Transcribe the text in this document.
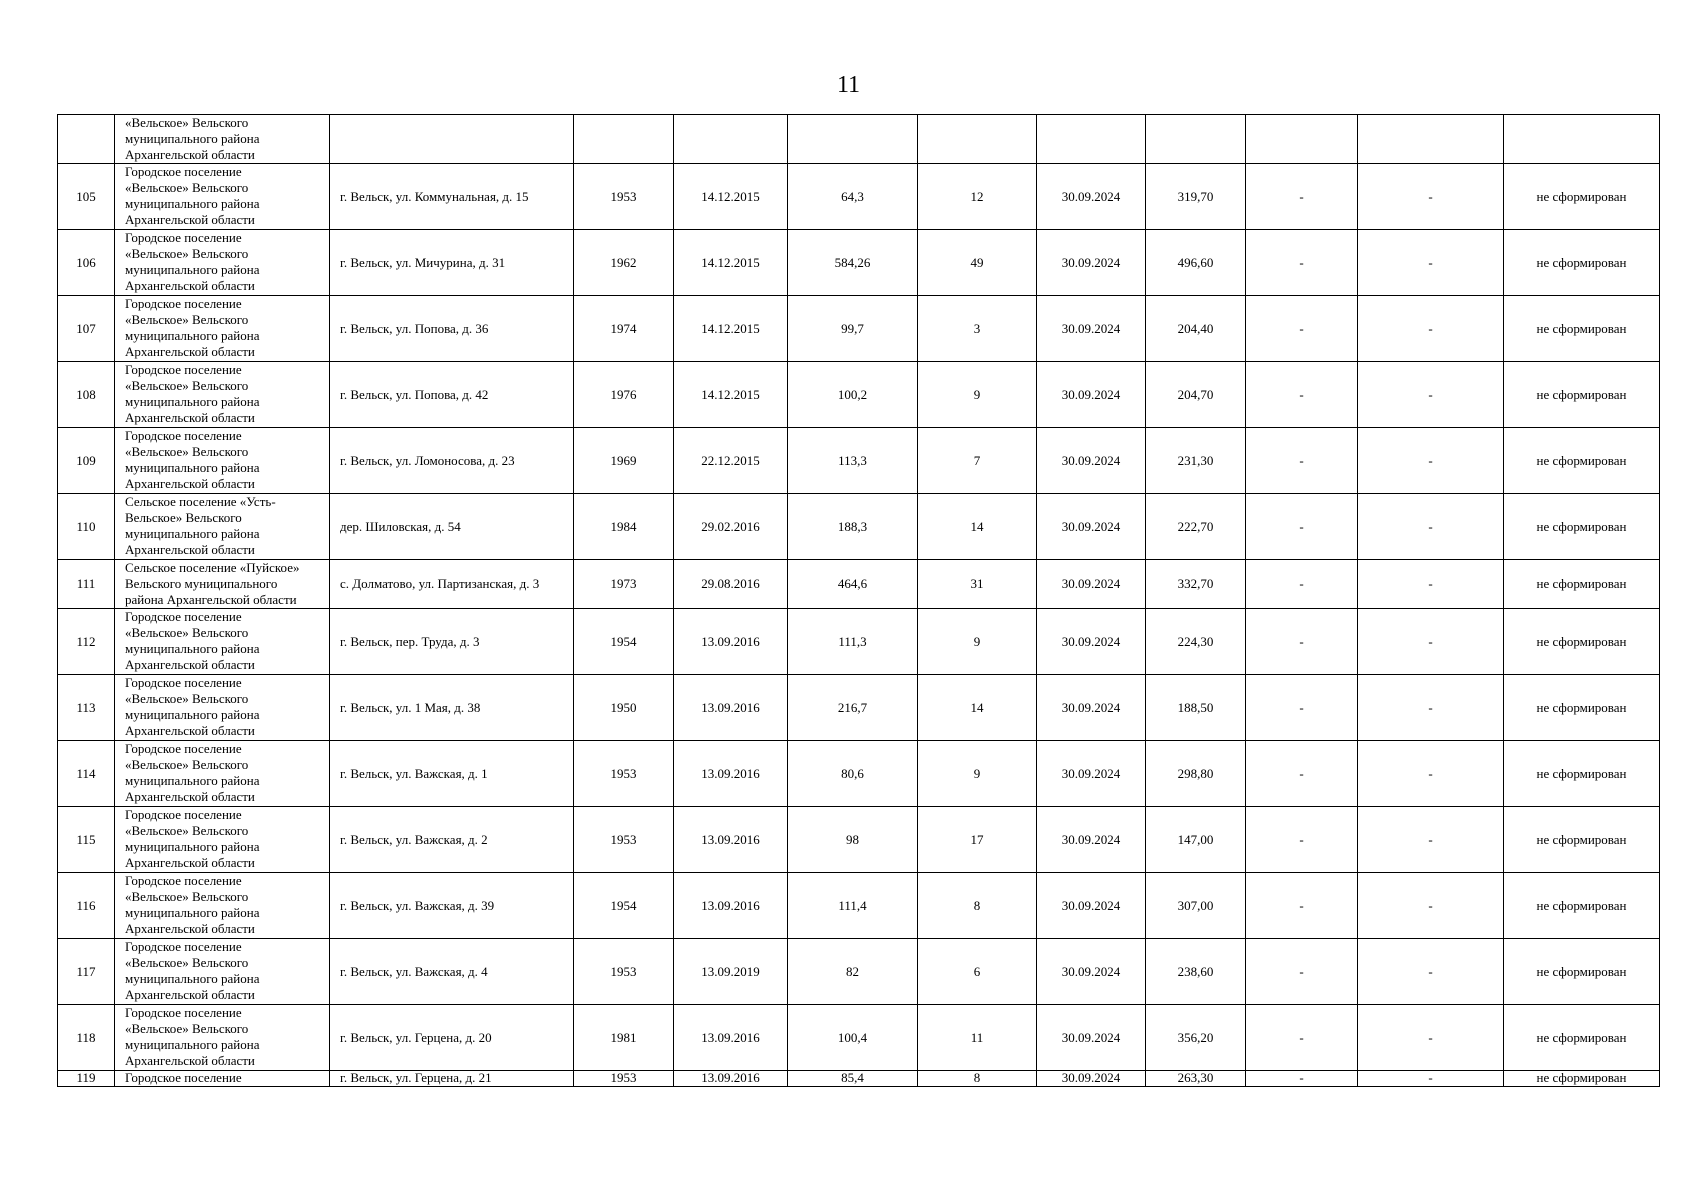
11

	«Вельское» Вельского
муниципального района
Архангельской области										

105	Городское поселение
«Вельское» Вельского
муниципального района
Архангельской области	г. Вельск, ул. Коммунальная, д. 15	1953	14.12.2015	64,3	12	30.09.2024	319,70	-	-	не сформирован
106	Городское поселение
«Вельское» Вельского
муниципального района
Архангельской области	г. Вельск, ул. Мичурина, д. 31	1962	14.12.2015	584,26	49	30.09.2024	496,60	-	-	не сформирован
107	Городское поселение
«Вельское» Вельского
муниципального района
Архангельской области	г. Вельск, ул. Попова, д. 36	1974	14.12.2015	99,7	3	30.09.2024	204,40	-	-	не сформирован
108	Городское поселение
«Вельское» Вельского
муниципального района
Архангельской области	г. Вельск, ул. Попова, д. 42	1976	14.12.2015	100,2	9	30.09.2024	204,70	-	-	не сформирован
109	Городское поселение
«Вельское» Вельского
муниципального района
Архангельской области	г. Вельск, ул. Ломоносова, д. 23	1969	22.12.2015	113,3	7	30.09.2024	231,30	-	-	не сформирован
110	Сельское поселение «Усть-
Вельское» Вельского
муниципального района
Архангельской области	дер. Шиловская, д. 54	1984	29.02.2016	188,3	14	30.09.2024	222,70	-	-	не сформирован
111	Сельское поселение «Пуйское»
Вельского муниципального
района Архангельской области	с. Долматово, ул. Партизанская, д. 3	1973	29.08.2016	464,6	31	30.09.2024	332,70	-	-	не сформирован
112	Городское поселение
«Вельское» Вельского
муниципального района
Архангельской области	г. Вельск, пер. Труда, д. 3	1954	13.09.2016	111,3	9	30.09.2024	224,30	-	-	не сформирован
113	Городское поселение
«Вельское» Вельского
муниципального района
Архангельской области	г. Вельск, ул. 1 Мая, д. 38	1950	13.09.2016	216,7	14	30.09.2024	188,50	-	-	не сформирован
114	Городское поселение
«Вельское» Вельского
муниципального района
Архангельской области	г. Вельск, ул. Важская, д. 1	1953	13.09.2016	80,6	9	30.09.2024	298,80	-	-	не сформирован
115	Городское поселение
«Вельское» Вельского
муниципального района
Архангельской области	г. Вельск, ул. Важская, д. 2	1953	13.09.2016	98	17	30.09.2024	147,00	-	-	не сформирован
116	Городское поселение
«Вельское» Вельского
муниципального района
Архангельской области	г. Вельск, ул. Важская, д. 39	1954	13.09.2016	111,4	8	30.09.2024	307,00	-	-	не сформирован
117	Городское поселение
«Вельское» Вельского
муниципального района
Архангельской области	г. Вельск, ул. Важская, д. 4	1953	13.09.2019	82	6	30.09.2024	238,60	-	-	не сформирован
118	Городское поселение
«Вельское» Вельского
муниципального района
Архангельской области	г. Вельск, ул. Герцена, д. 20	1981	13.09.2016	100,4	11	30.09.2024	356,20	-	-	не сформирован
119	Городское поселение	г. Вельск, ул. Герцена, д. 21	1953	13.09.2016	85,4	8	30.09.2024	263,30	-	-	не сформирован
